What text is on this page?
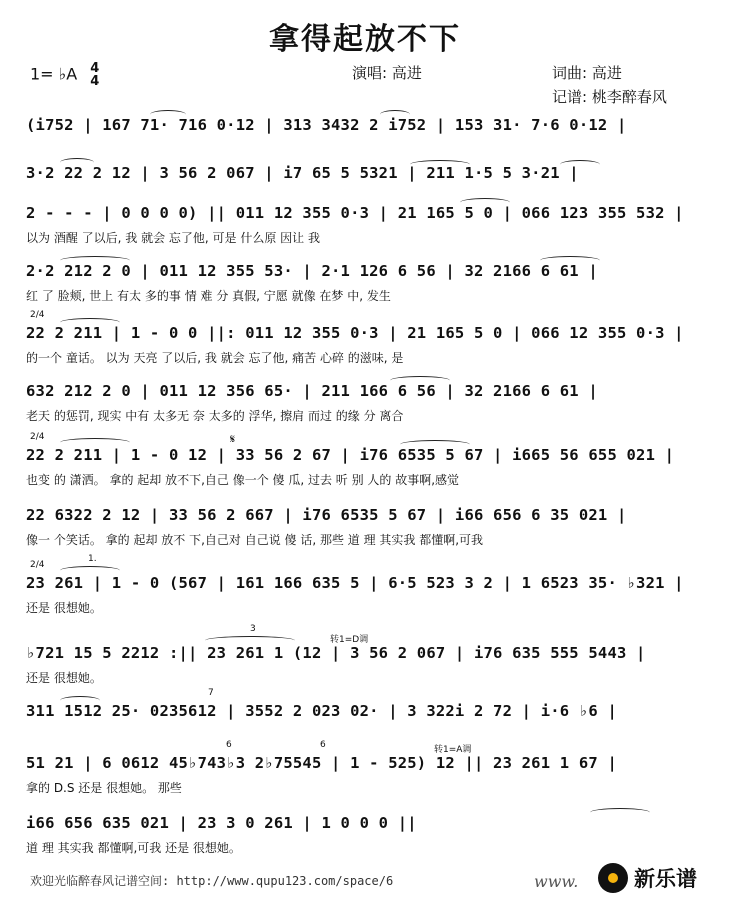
拿得起放不下
1= ♭A 4
4	演唱: 高进	词曲: 高进
记谱: 桃李醉春风
(i752 | 167 71· 716 0·12 | 313 3432 2 i752 | 153 31· 7·6 0·12 |
3·2 22 2 12 | 3 56 2 067 | i7 65 5 5321 | 211 1·5 5 3·21 |
2 - - - | 0 0 0 0) || 011 12 355 0·3 | 21 165 5 0 | 066 123 355 532 |
以为 酒醒 了以后, 我 就会 忘了他, 可是 什么原 因让 我
2·2 212 2 0 | 011 12 355 53· | 2·1 126 6 56 | 32 2166 6 61 |
红 了 脸颊, 世上 有太 多的事 情 难 分 真假, 宁愿 就像 在梦 中, 发生
2/4
22 2 211 | 1 - 0 0 ||: 011 12 355 0·3 | 21 165 5 0 | 066 12 355 0·3 |
的一个 童话。 以为 天亮 了以后, 我 就会 忘了他, 痛苦 心碎 的滋味, 是
632 212 2 0 | 011 12 356 65· | 211 166 6 56 | 32 2166 6 61 |
老天 的惩罚, 现实 中有 太多无 奈 太多的 浮华, 擦肩 而过 的缘 分 离合
2/4	𝄋
22 2 211 | 1 - 0 12 | 33 56 2 67 | i76 6535 5 67 | i665 56 655 021 |
也变 的 潇洒。 拿的 起却 放不下,自己 像一个 傻 瓜, 过去 听 别 人的 故事啊,感觉
22 6322 2 12 | 33 56 2 667 | i76 6535 5 67 | i66 656 6 35 021 |
像一 个笑话。 拿的 起却 放不 下,自己对 自己说 傻 话, 那些 道 理 其实我 都懂啊,可我
2/4
1.
23 261 | 1 - 0 (567 | 161 166 635 5 | 6·5 523 3 2 | 1 6523 35· ♭321 |
还是 很想她。
3
转1=D调
♭721 15 5 2212 :|| 23 261 1 (12 | 3 56 2 067 | i76 635 555 5443 |
还是 很想她。
7
311 1512 25· 0235612 | 3552 2 023 02· | 3 322i 2 72 | i·6 ♭6 |
6	6	转1=A调
51 21 | 6 0612 45♭743♭3 2♭75545 | 1 - 525) 12 || 23 261 1 67 |
拿的 D.S 还是 很想她。 那些
i66 656 635 021 | 23 3 0 261 | 1 0 0 0 ||
道 理 其实我 都懂啊,可我 还是 很想她。
欢迎光临醉春风记谱空间: http://www.qupu123.com/space/6	www.	新乐谱
